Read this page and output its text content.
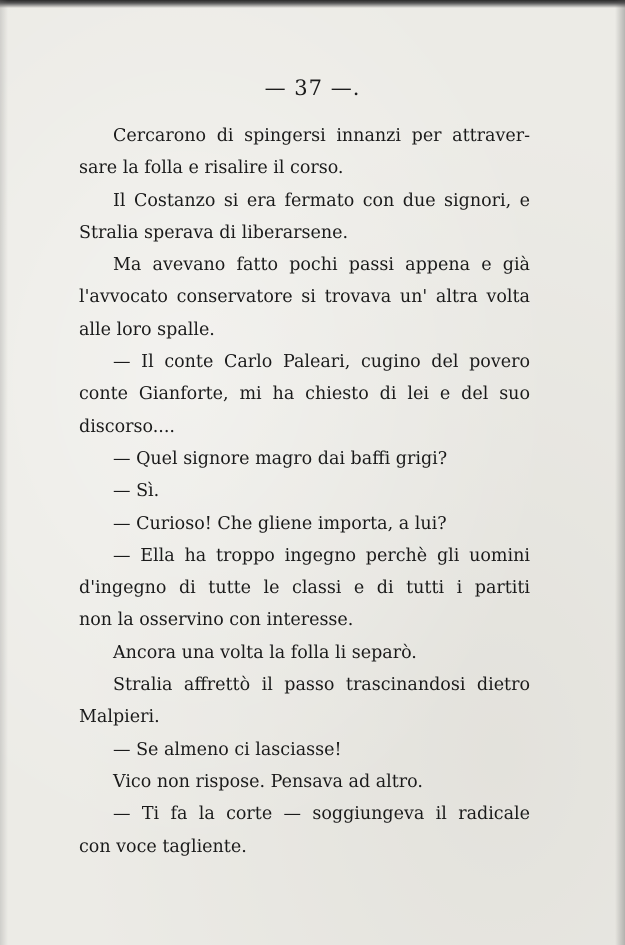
— 37 —.
Cercarono di spingersi innanzi per attraver-
sare la folla e risalire il corso.
Il Costanzo si era fermato con due signori, e
Stralia sperava di liberarsene.
Ma avevano fatto pochi passi appena e già
l'avvocato conservatore si trovava un' altra volta
alle loro spalle.
— Il conte Carlo Paleari, cugino del povero
conte Gianforte, mi ha chiesto di lei e del suo
discorso....
— Quel signore magro dai baffi grigi?
— Sì.
— Curioso! Che gliene importa, a lui?
— Ella ha troppo ingegno perchè gli uomini
d'ingegno di tutte le classi e di tutti i partiti
non la osservino con interesse.
Ancora una volta la folla li separò.
Stralia affrettò il passo trascinandosi dietro
Malpieri.
— Se almeno ci lasciasse!
Vico non rispose. Pensava ad altro.
— Ti fa la corte — soggiungeva il radicale
con voce tagliente.
